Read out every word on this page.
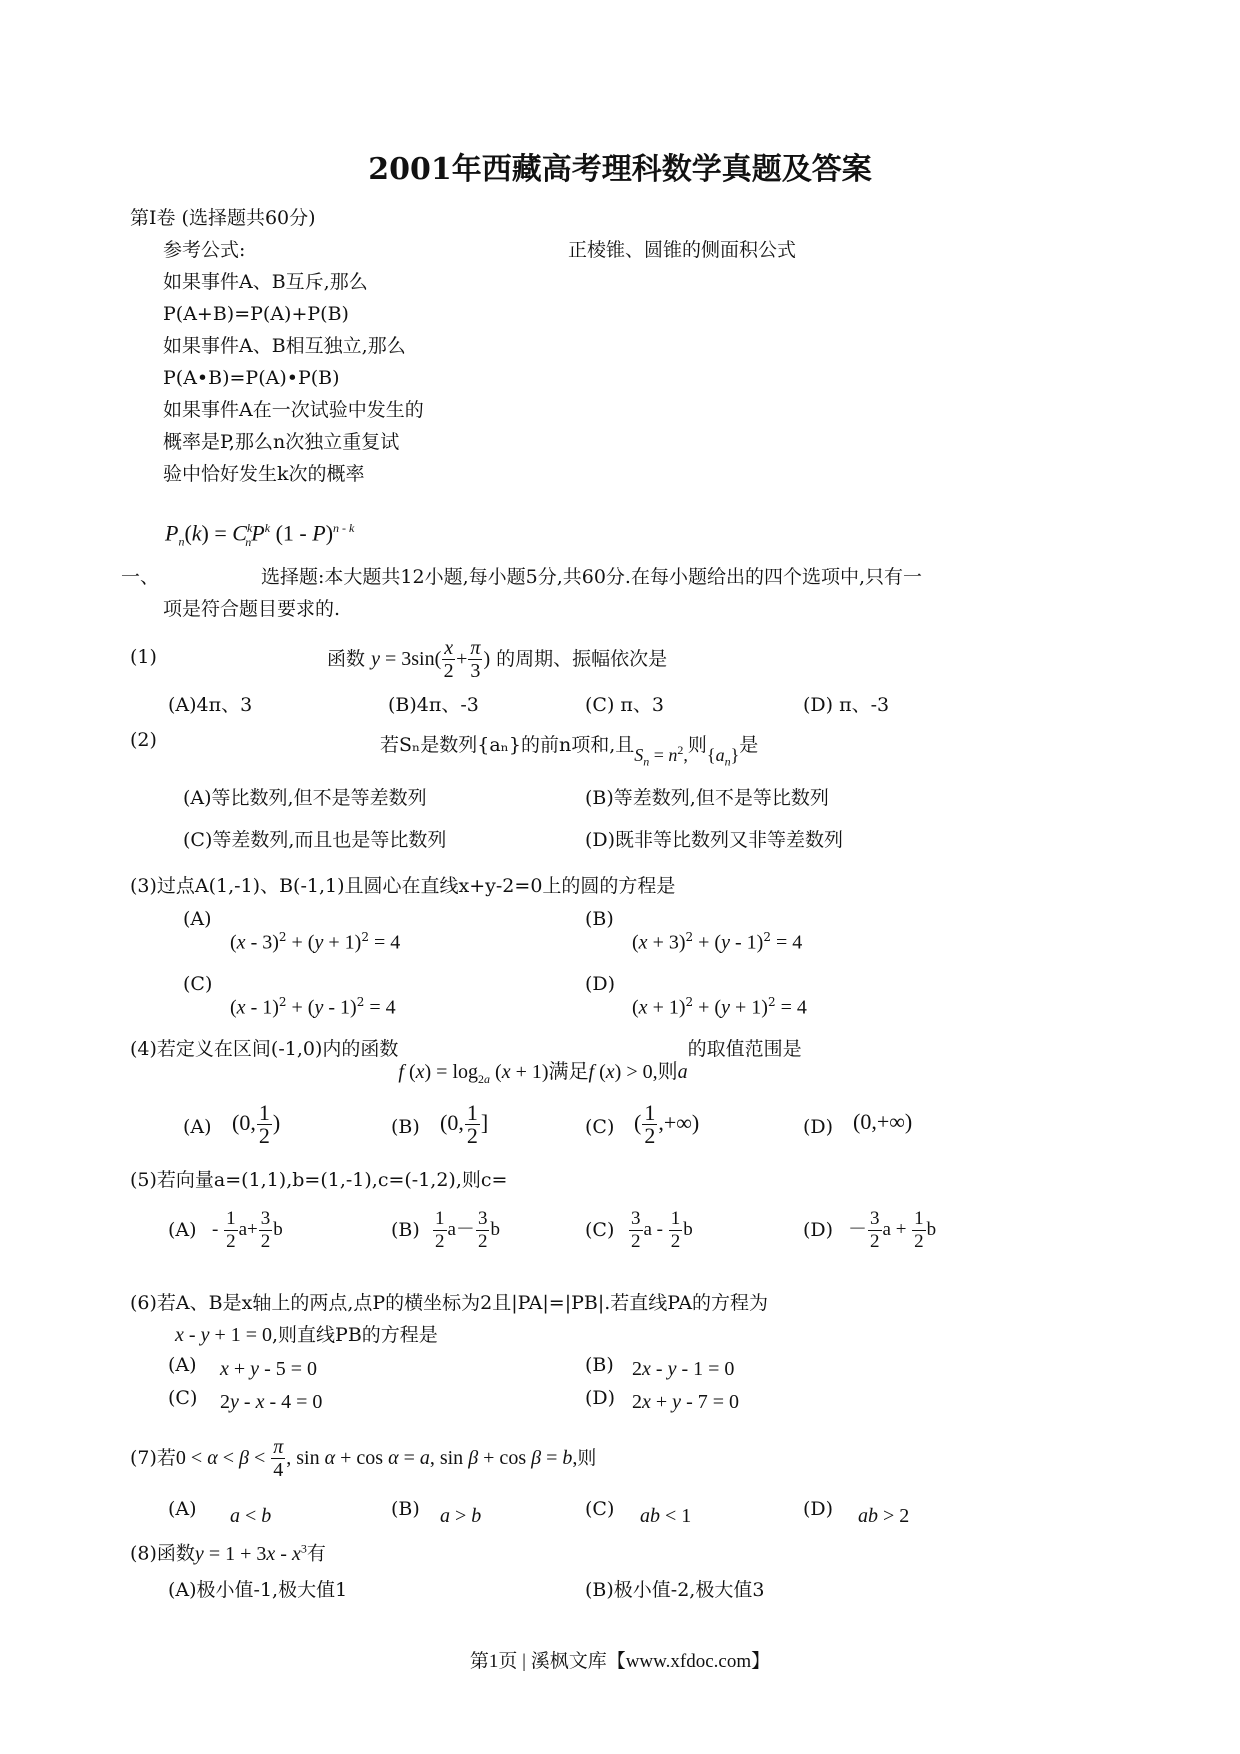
2001年西藏高考理科数学真题及答案
第Ⅰ卷 (选择题共60分)
参考公式:	正棱锥、圆锥的侧面积公式
如果事件A、B互斥,那么
P(A+B)=P(A)+P(B)
如果事件A、B相互独立,那么
P(A•B)=P(A)•P(B)
如果事件A在一次试验中发生的
概率是P,那么n次独立重复试
验中恰好发生k次的概率
$P_n(k) = C^k_nP^k$ (1 - P)$^{n - k}$
一、	选择题:本大题共12小题,每小题5分,共60分.在每小题给出的四个选项中,只有一
项是符合题目要求的.
(1)	函数 $y = 3\sin( \frac{x}{2} + \frac{\pi}{3}$ ) 的周期、振幅依次是
(A)4π、3	(B)4π、-3	(C) π、3	(D) π、-3
(2)	若Sₙ是数列{aₙ}的前n项和,且$S_n = n^2$,则$\{a_n\}$是
(A)等比数列,但不是等差数列	(B)等差数列,但不是等比数列
(C)等差数列,而且也是等比数列	(D)既非等比数列又非等差数列
(3)过点A(1,-1)、B(-1,1)且圆心在直线x+y-2=0上的圆的方程是
(A)
$(x - 3)^2 + (y + 1)^2 = 4$
(B)
$(x + 3)^2 + (y - 1)^2 = 4$
(C)
(x - 1)$^2$ + (y - 1)$^2$ = 4
(D)
$(x + 1)^2 + (y + 1)^2 = 4$
(4)若定义在区间(-1,0)内的函数f $(x) = \log_{2a} (x + 1)$满足f (x) > 0,则a的取值范围是
(A) (0, $\frac{1}{2}$ )	(B) (0, $\frac{1}{2}$ ]	(C) ( $\frac{1}{2}$ ,+∞)	(D) (0,+∞)
(5)若向量a=(1,1),b=(1,-1),c=(-1,2),则c=
$(A) - \frac{1}{2} a+ \frac{3}{2}$ b	$(B) \frac{1}{2} a- \frac{3}{2}$ b	$(C) \frac{3}{2}$ a - $\frac{1}{2}$ b	$(D) - \frac{3}{2}$ $a + \frac{1}{2}$ b
(6)若A、B是x轴上的两点,点P的横坐标为2且|PA|=|PB|.若直线PA的方程为
x - y + 1 = 0,则直线PB的方程是
(A) x + y - 5 = 0	(B) 2x - y - 1 = 0
(C) 2y - x - 4 = 0	(D) 2x + y - 7 = 0
(7)若$0 < \alpha < \beta < \frac{\pi}{4}$ , sin α + cos α = a, sin β + cos β = b,则
(A) a < b	(B) a > b	(C) ab < 1	(D) ab > 2
(8)函数$y = 1 + 3x - x^3$有
(A)极小值-1,极大值1	(B)极小值-2,极大值3
第1页 | 溪枫文库【www.xfdoc.com】
